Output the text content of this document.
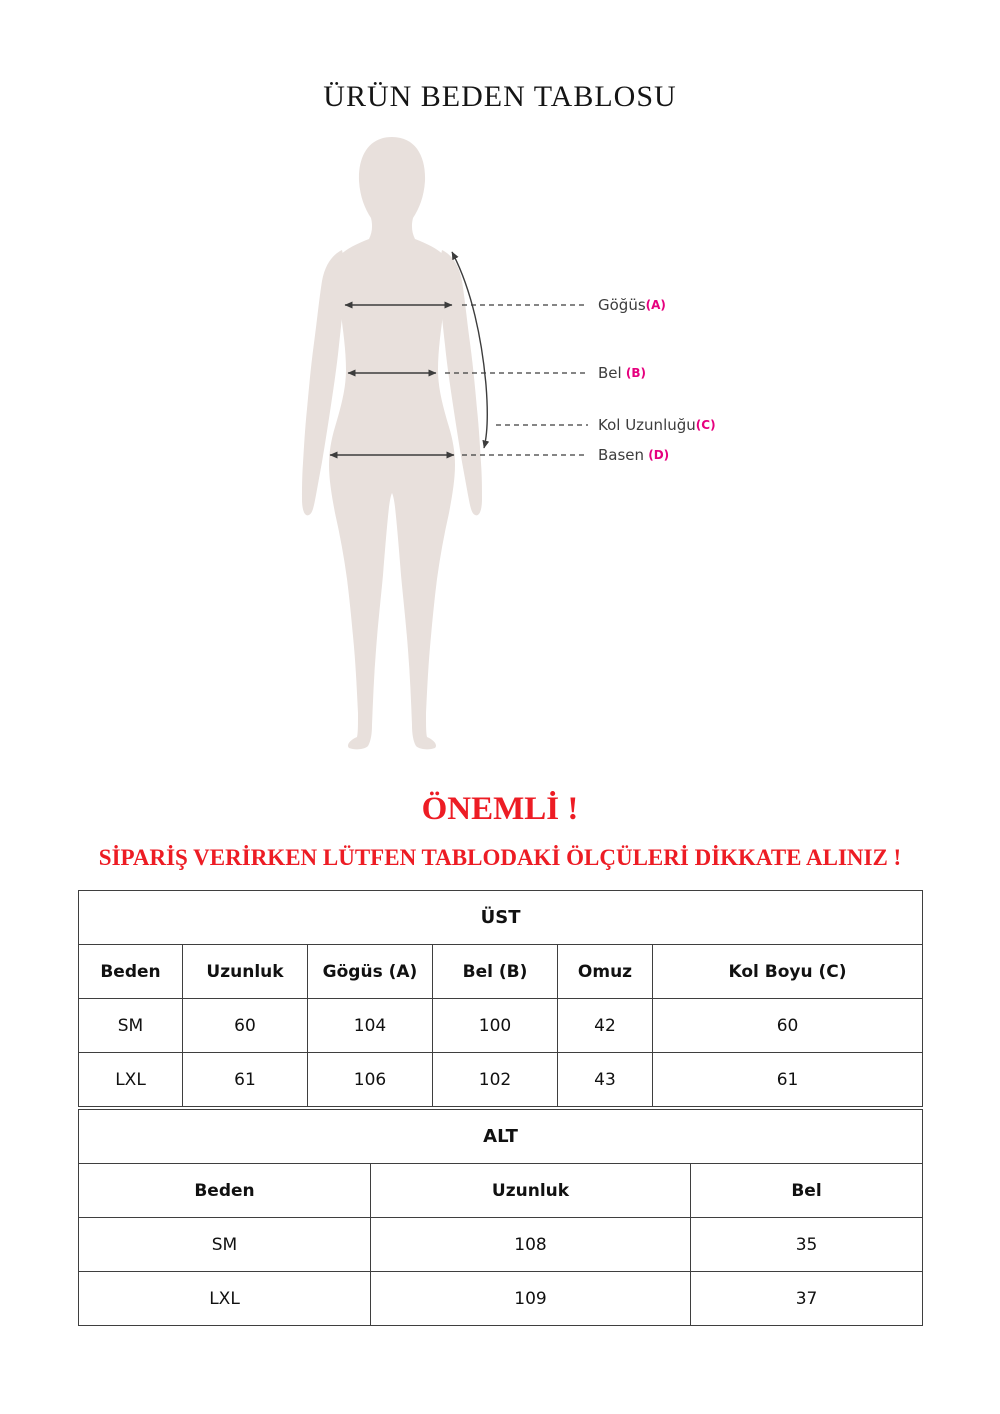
ÜRÜN BEDEN TABLOSU
Göğüs(A)
Bel (B)
Kol Uzunluğu(C)
Basen (D)
ÖNEMLİ !
SİPARİŞ VERİRKEN LÜTFEN TABLODAKİ ÖLÇÜLERİ DİKKATE ALINIZ !
ÜST					
Beden	Uzunluk	Gögüs (A)	Bel (B)	Omuz	Kol Boyu (C)
SM	60	104	100	42	60
LXL	61	106	102	43	61
ALT		
Beden	Uzunluk	Bel
SM	108	35
LXL	109	37
